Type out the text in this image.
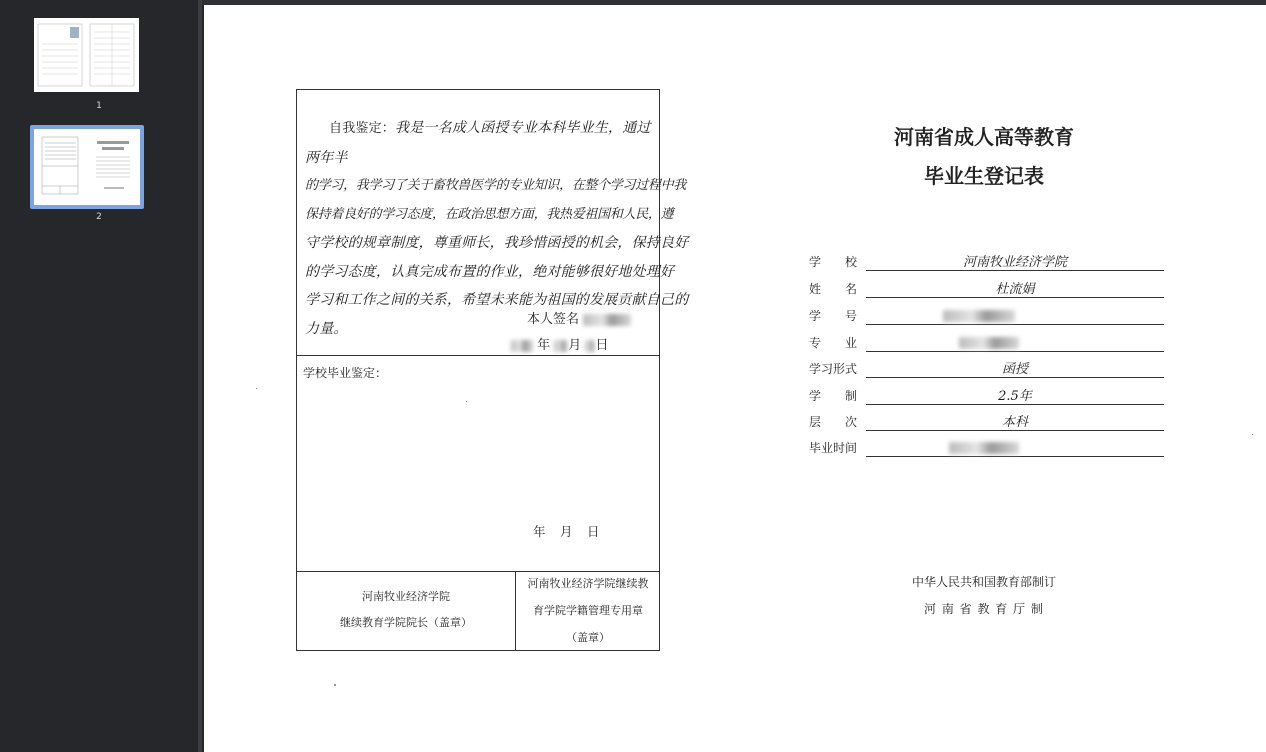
1
2
自我鉴定：我是一名成人函授专业本科毕业生，通过两年半
的学习，我学习了关于畜牧兽医学的专业知识，在整个学习过程中我
保持着良好的学习态度，在政治思想方面，我热爱祖国和人民，遵
守学校的规章制度，尊重师长，我珍惜函授的机会，保持良好
的学习态度，认真完成布置的作业，绝对能够很好地处理好
学习和工作之间的关系，希望未来能为祖国的发展贡献自己的
力量。
本人签名
年 月 日
学校毕业鉴定：
年　月　日
河南牧业经济学院
继续教育学院院长（盖章）
河南牧业经济学院继续教
育学院学籍管理专用章
（盖章）
河南省成人高等教育
毕业生登记表
学　　校	河南牧业经济学院
姓　　名	杜流娟
学　　号
专　　业
学习形式	函授
学　　制	2.5年
层　　次	本科
毕业时间
中华人民共和国教育部制订
河 南 省 教 育 厅 制
